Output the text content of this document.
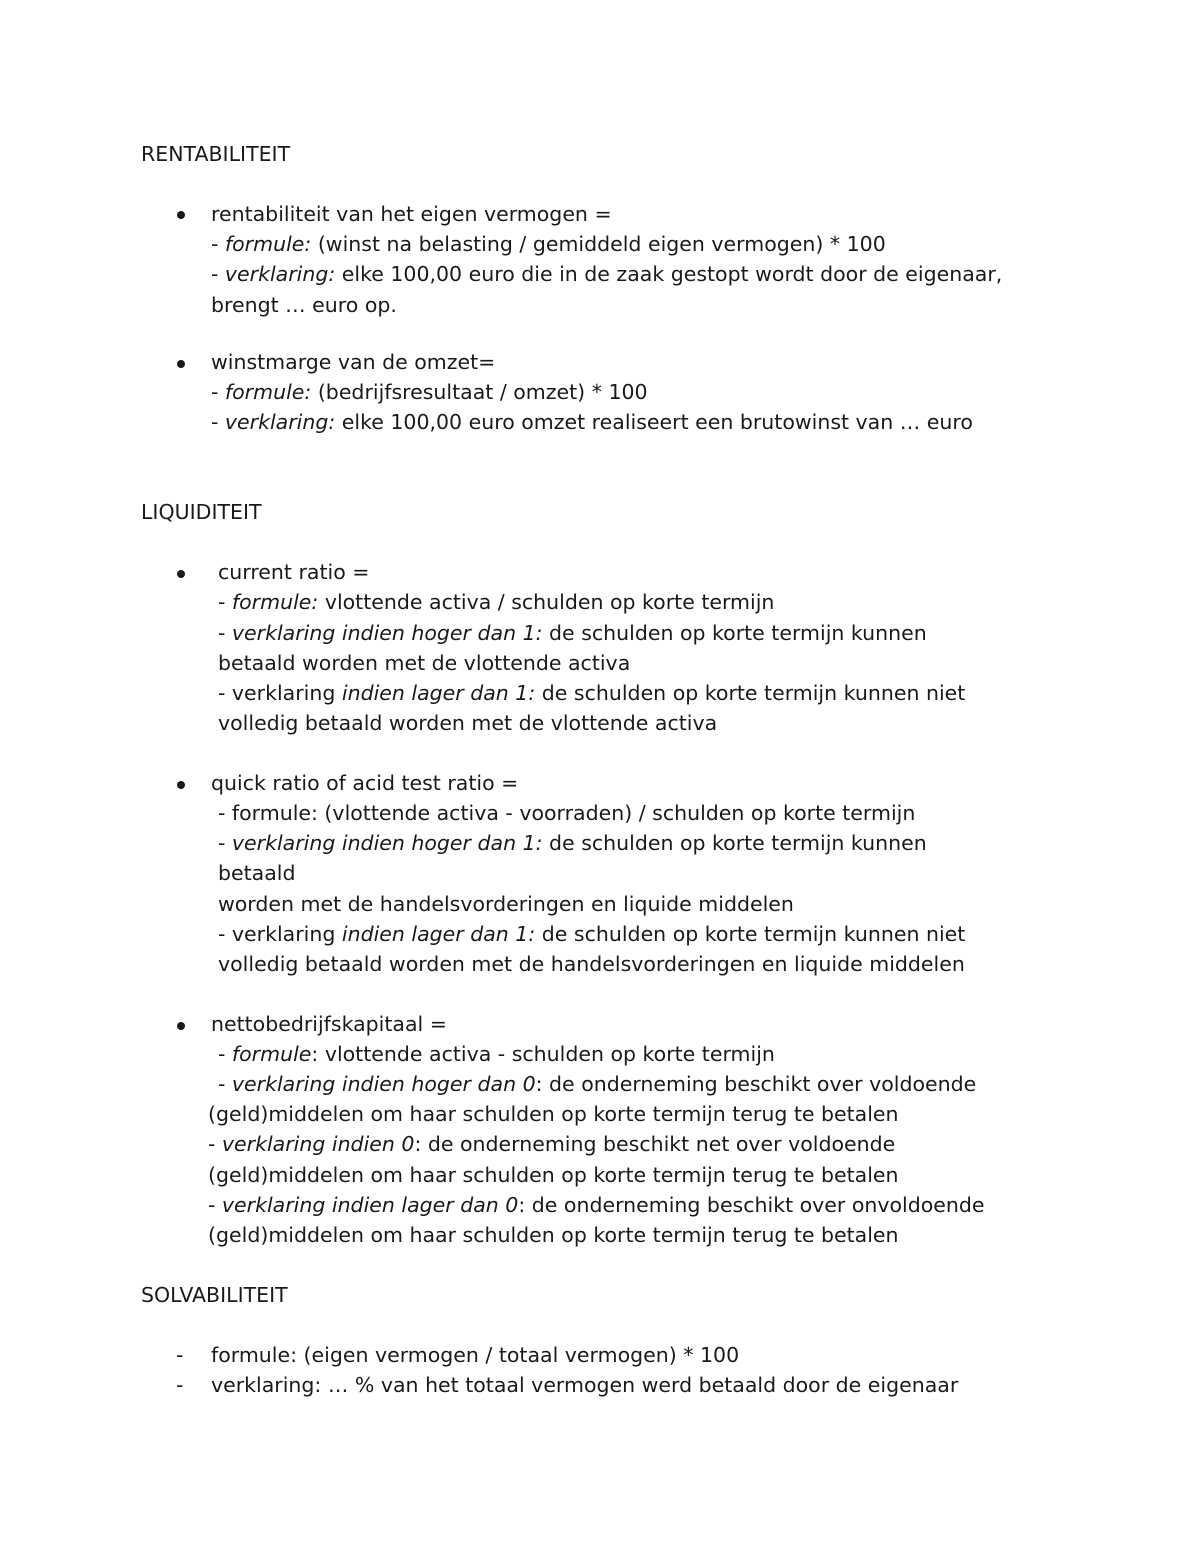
RENTABILITEIT
rentabiliteit van het eigen vermogen =
- formule: (winst na belasting / gemiddeld eigen vermogen) * 100
- verklaring: elke 100,00 euro die in de zaak gestopt wordt door de eigenaar,
brengt … euro op.
winstmarge van de omzet=
- formule: (bedrijfsresultaat / omzet) * 100
- verklaring: elke 100,00 euro omzet realiseert een brutowinst van … euro
LIQUIDITEIT
current ratio =
- formule: vlottende activa / schulden op korte termijn
- verklaring indien hoger dan 1: de schulden op korte termijn kunnen
betaald worden met de vlottende activa
- verklaring indien lager dan 1: de schulden op korte termijn kunnen niet
volledig betaald worden met de vlottende activa
quick ratio of acid test ratio =
- formule: (vlottende activa - voorraden) / schulden op korte termijn
- verklaring indien hoger dan 1: de schulden op korte termijn kunnen
betaald
worden met de handelsvorderingen en liquide middelen
- verklaring indien lager dan 1: de schulden op korte termijn kunnen niet
volledig betaald worden met de handelsvorderingen en liquide middelen
nettobedrijfskapitaal =
- formule: vlottende activa - schulden op korte termijn
- verklaring indien hoger dan 0: de onderneming beschikt over voldoende
(geld)middelen om haar schulden op korte termijn terug te betalen
- verklaring indien 0: de onderneming beschikt net over voldoende
(geld)middelen om haar schulden op korte termijn terug te betalen
- verklaring indien lager dan 0: de onderneming beschikt over onvoldoende
(geld)middelen om haar schulden op korte termijn terug te betalen
SOLVABILITEIT
- formule: (eigen vermogen / totaal vermogen) * 100
- verklaring: … % van het totaal vermogen werd betaald door de eigenaar
